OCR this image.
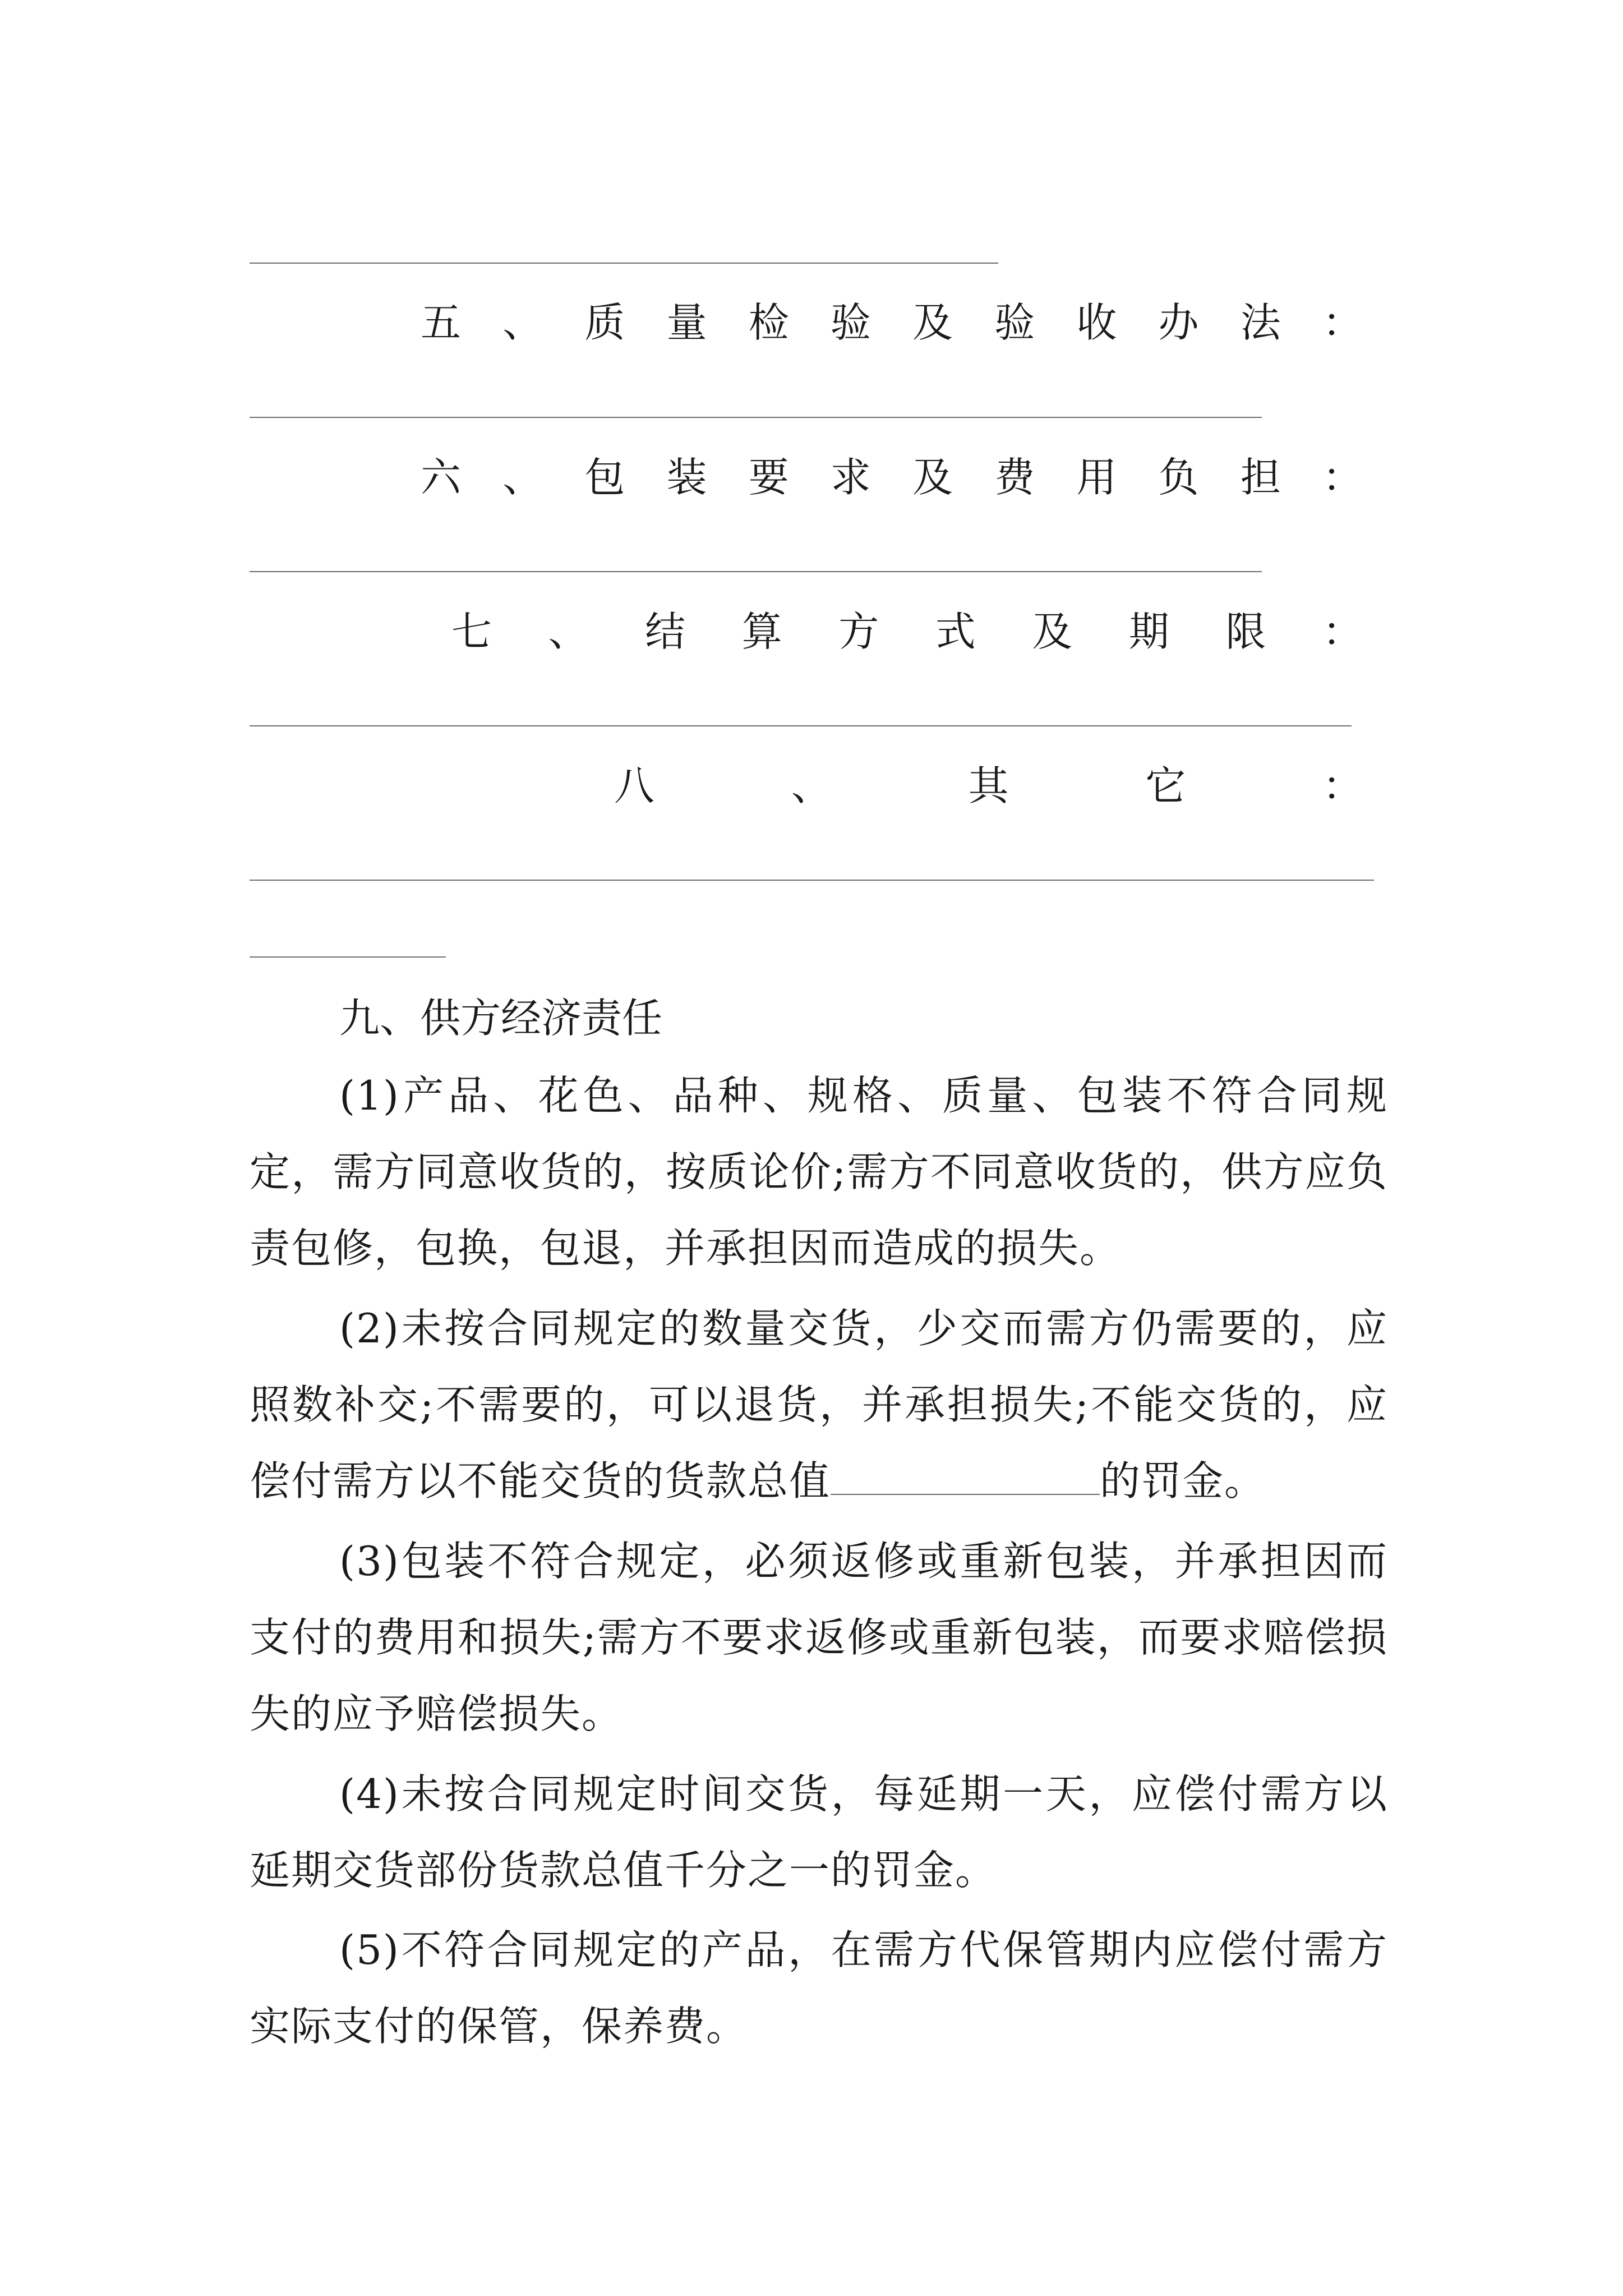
五 、 质 量 检 验 及 验 收 办 法 ：
六 、 包 装 要 求 及 费 用 负 担 ：
七 、 结 算 方 式 及 期 限 ：
八	、	其	它	：
九、供方经济责任
(1)产品、花色、品种、规格、质量、包装不符合同规定，需方同意收货的，按质论价;需方不同意收货的，供方应负责包修，包换，包退，并承担因而造成的损失。
(2)未按合同规定的数量交货，少交而需方仍需要的，应照数补交;不需要的，可以退货，并承担损失;不能交货的，应偿付需方以不能交货的货款总值	的罚金。
(3)包装不符合规定，必须返修或重新包装，并承担因而支付的费用和损失;需方不要求返修或重新包装，而要求赔偿损失的应予赔偿损失。
(4)未按合同规定时间交货，每延期一天，应偿付需方以延期交货部份货款总值千分之一的罚金。
(5)不符合同规定的产品，在需方代保管期内应偿付需方实际支付的保管，保养费。
